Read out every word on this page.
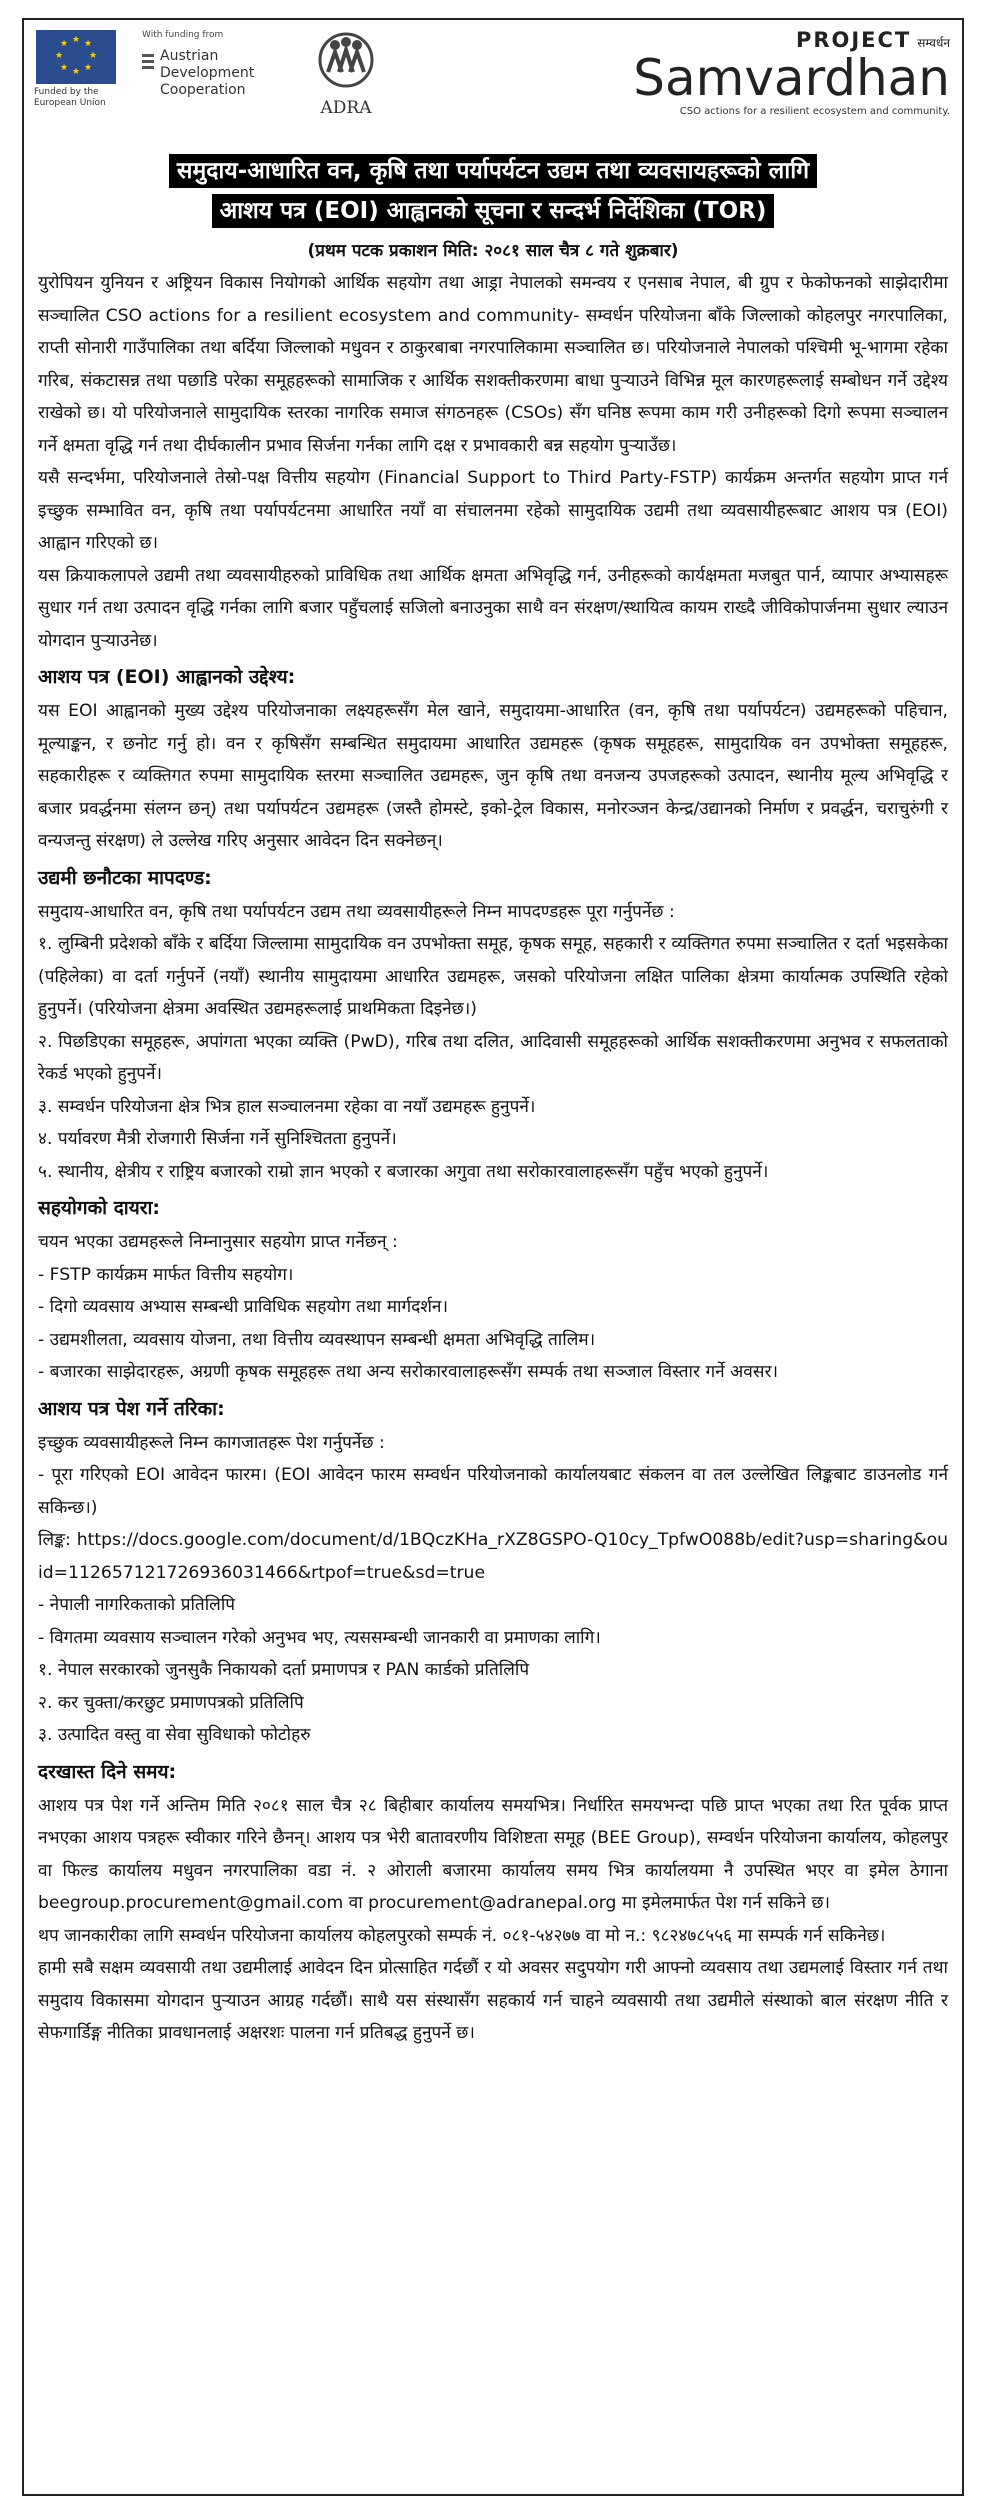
★ ★
★
★
★
★
★
★
Funded by the European Union
With funding from
Austrian
Development
Cooperation
ADRA
PROJECT सम्वर्धन
Samvardhan
CSO actions for a resilient ecosystem and community.
समुदाय-आधारित वन, कृषि तथा पर्यापर्यटन उद्यम तथा व्यवसायहरूको लागि
आशय पत्र (EOI) आह्वानको सूचना र सन्दर्भ निर्देशिका (TOR)
(प्रथम पटक प्रकाशन मिति: २०८१ साल चैत्र ८ गते शुक्रबार)

युरोपियन युनियन र अष्ट्रियन विकास नियोगको आर्थिक सहयोग तथा आड्रा नेपालको समन्वय र एनसाब नेपाल, बी ग्रुप र फेकोफनको साझेदारीमा सञ्चालित CSO actions for a resilient ecosystem and community- सम्वर्धन परियोजना बाँके जिल्लाको कोहलपुर नगरपालिका, राप्ती सोनारी गाउँपालिका तथा बर्दिया जिल्लाको मधुवन र ठाकुरबाबा नगरपालिकामा सञ्चालित छ। परियोजनाले नेपालको पश्चिमी भू-भागमा रहेका गरिब, संकटासन्न तथा पछाडि परेका समूहहरूको सामाजिक र आर्थिक सशक्तीकरणमा बाधा पुऱ्याउने विभिन्न मूल कारणहरूलाई सम्बोधन गर्ने उद्देश्य राखेको छ। यो परियोजनाले सामुदायिक स्तरका नागरिक समाज संगठनहरू (CSOs) सँग घनिष्ठ रूपमा काम गरी उनीहरूको दिगो रूपमा सञ्चालन गर्ने क्षमता वृद्धि गर्न तथा दीर्घकालीन प्रभाव सिर्जना गर्नका लागि दक्ष र प्रभावकारी बन्न सहयोग पुऱ्याउँछ।

यसै सन्दर्भमा, परियोजनाले तेस्रो-पक्ष वित्तीय सहयोग (Financial Support to Third Party-FSTP) कार्यक्रम अन्तर्गत सहयोग प्राप्त गर्न इच्छुक सम्भावित वन, कृषि तथा पर्यापर्यटनमा आधारित नयाँ वा संचालनमा रहेको सामुदायिक उद्यमी तथा व्यवसायीहरूबाट आशय पत्र (EOI) आह्वान गरिएको छ।

यस क्रियाकलापले उद्यमी तथा व्यवसायीहरुको प्राविधिक तथा आर्थिक क्षमता अभिवृद्धि गर्न, उनीहरूको कार्यक्षमता मजबुत पार्न, व्यापार अभ्यासहरू सुधार गर्न तथा उत्पादन वृद्धि गर्नका लागि बजार पहुँचलाई सजिलो बनाउनुका साथै वन संरक्षण/स्थायित्व कायम राख्दै जीविकोपार्जनमा सुधार ल्याउन योगदान पुऱ्याउनेछ।

आशय पत्र (EOI) आह्वानको उद्देश्य:

यस EOI आह्वानको मुख्य उद्देश्य परियोजनाका लक्ष्यहरूसँग मेल खाने, समुदायमा-आधारित (वन, कृषि तथा पर्यापर्यटन) उद्यमहरूको पहिचान, मूल्याङ्कन, र छनोट गर्नु हो। वन र कृषिसँग सम्बन्धित समुदायमा आधारित उद्यमहरू (कृषक समूहहरू, सामुदायिक वन उपभोक्ता समूहहरू, सहकारीहरू र व्यक्तिगत रुपमा सामुदायिक स्तरमा सञ्चालित उद्यमहरू, जुन कृषि तथा वनजन्य उपजहरूको उत्पादन, स्थानीय मूल्य अभिवृद्धि र बजार प्रवर्द्धनमा संलग्न छन्) तथा पर्यापर्यटन उद्यमहरू (जस्तै होमस्टे, इको-ट्रेल विकास, मनोरञ्जन केन्द्र/उद्यानको निर्माण र प्रवर्द्धन, चराचुरुंगी र वन्यजन्तु संरक्षण) ले उल्लेख गरिए अनुसार आवेदन दिन सक्नेछन्।

उद्यमी छनौटका मापदण्ड:

समुदाय-आधारित वन, कृषि तथा पर्यापर्यटन उद्यम तथा व्यवसायीहरूले निम्न मापदण्डहरू पूरा गर्नुपर्नेछ :

१. लुम्बिनी प्रदेशको बाँके र बर्दिया जिल्लामा सामुदायिक वन उपभोक्ता समूह, कृषक समूह, सहकारी र व्यक्तिगत रुपमा सञ्चालित र दर्ता भइसकेका (पहिलेका) वा दर्ता गर्नुपर्ने (नयाँ) स्थानीय सामुदायमा आधारित उद्यमहरू, जसको परियोजना लक्षित पालिका क्षेत्रमा कार्यात्मक उपस्थिति रहेको हुनुपर्ने। (परियोजना क्षेत्रमा अवस्थित उद्यमहरूलाई प्राथमिकता दिइनेछ।)

२. पिछडिएका समूहहरू, अपांगता भएका व्यक्ति (PwD), गरिब तथा दलित, आदिवासी समूहहरूको आर्थिक सशक्तीकरणमा अनुभव र सफलताको रेकर्ड भएको हुनुपर्ने।

३. सम्वर्धन परियोजना क्षेत्र भित्र हाल सञ्चालनमा रहेका वा नयाँ उद्यमहरू हुनुपर्ने।

४. पर्यावरण मैत्री रोजगारी सिर्जना गर्ने सुनिश्चितता हुनुपर्ने।

५. स्थानीय, क्षेत्रीय र राष्ट्रिय बजारको राम्रो ज्ञान भएको र बजारका अगुवा तथा सरोकारवालाहरूसँग पहुँच भएको हुनुपर्ने।

सहयोगको दायरा:

चयन भएका उद्यमहरूले निम्नानुसार सहयोग प्राप्त गर्नेछन् :

- FSTP कार्यक्रम मार्फत वित्तीय सहयोग।

- दिगो व्यवसाय अभ्यास सम्बन्धी प्राविधिक सहयोग तथा मार्गदर्शन।

- उद्यमशीलता, व्यवसाय योजना, तथा वित्तीय व्यवस्थापन सम्बन्धी क्षमता अभिवृद्धि तालिम।

- बजारका साझेदारहरू, अग्रणी कृषक समूहहरू तथा अन्य सरोकारवालाहरूसँग सम्पर्क तथा सञ्जाल विस्तार गर्ने अवसर।

आशय पत्र पेश गर्ने तरिका:

इच्छुक व्यवसायीहरूले निम्न कागजातहरू पेश गर्नुपर्नेछ :

- पूरा गरिएको EOI आवेदन फारम। (EOI आवेदन फारम सम्वर्धन परियोजनाको कार्यालयबाट संकलन वा तल उल्लेखित लिङ्कबाट डाउनलोड गर्न सकिन्छ।)

लिङ्क: https://docs.google.com/document/d/1BQczKHa_rXZ8GSPO-Q10cy_TpfwO088b/edit?usp=sharing&ouid=112657121726936031466&rtpof=true&sd=true

- नेपाली नागरिकताको प्रतिलिपि

- विगतमा व्यवसाय सञ्चालन गरेको अनुभव भए, त्यससम्बन्धी जानकारी वा प्रमाणका लागि।

१. नेपाल सरकारको जुनसुकै निकायको दर्ता प्रमाणपत्र र PAN कार्डको प्रतिलिपि

२. कर चुक्ता/करछुट प्रमाणपत्रको प्रतिलिपि

३. उत्पादित वस्तु वा सेवा सुविधाको फोटोहरु

दरखास्त दिने समय:

आशय पत्र पेश गर्ने अन्तिम मिति २०८१ साल चैत्र २८ बिहीबार कार्यालय समयभित्र। निर्धारित समयभन्दा पछि प्राप्त भएका तथा रित पूर्वक प्राप्त नभएका आशय पत्रहरू स्वीकार गरिने छैनन्। आशय पत्र भेरी बातावरणीय विशिष्टता समूह (BEE Group), सम्वर्धन परियोजना कार्यालय, कोहलपुर वा फिल्ड कार्यालय मधुवन नगरपालिका वडा नं. २ ओराली बजारमा कार्यालय समय भित्र कार्यालयमा नै उपस्थित भएर वा इमेल ठेगाना beegroup.procurement@gmail.com वा procurement@adranepal.org मा इमेलमार्फत पेश गर्न सकिने छ।

थप जानकारीका लागि सम्वर्धन परियोजना कार्यालय कोहलपुरको सम्पर्क नं. ०८१-५४२७७ वा मो न.: ९८२४७८५५६ मा सम्पर्क गर्न सकिनेछ।

हामी सबै सक्षम व्यवसायी तथा उद्यमीलाई आवेदन दिन प्रोत्साहित गर्दछौं र यो अवसर सदुपयोग गरी आफ्नो व्यवसाय तथा उद्यमलाई विस्तार गर्न तथा समुदाय विकासमा योगदान पुऱ्याउन आग्रह गर्दछौं। साथै यस संस्थासँग सहकार्य गर्न चाहने व्यवसायी तथा उद्यमीले संस्थाको बाल संरक्षण नीति र सेफगार्डिङ्ग नीतिका प्रावधानलाई अक्षरशः पालना गर्न प्रतिबद्ध हुनुपर्ने छ।
